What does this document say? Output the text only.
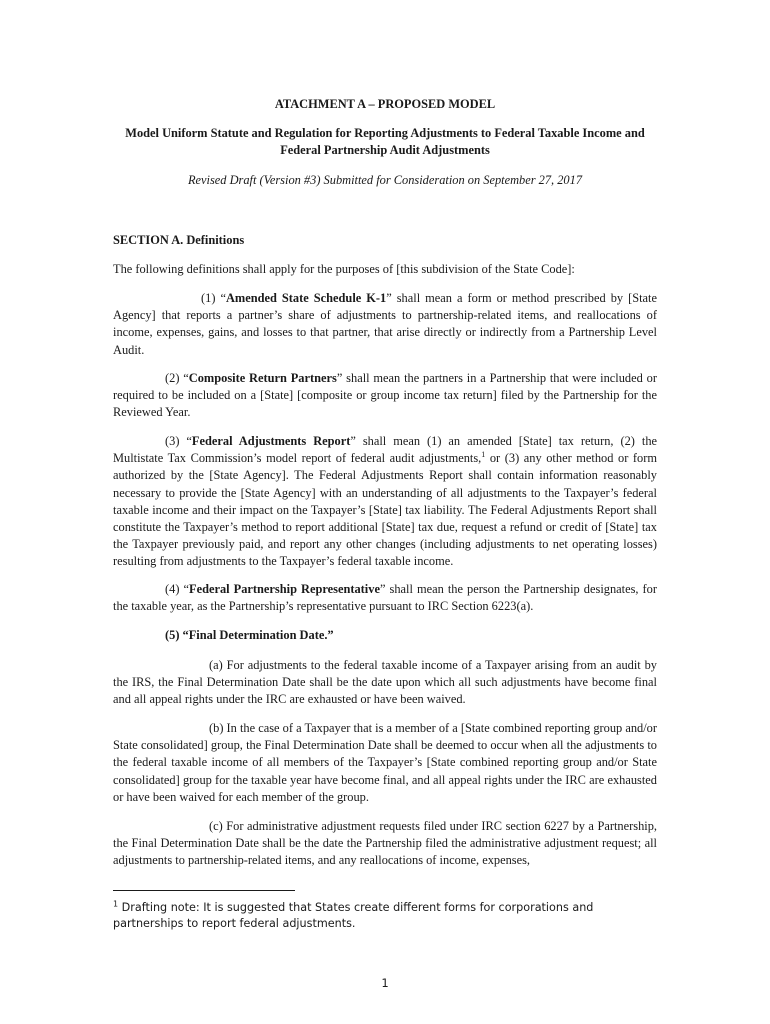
ATACHMENT A – PROPOSED MODEL
Model Uniform Statute and Regulation for Reporting Adjustments to Federal Taxable Income and Federal Partnership Audit Adjustments
Revised Draft (Version #3) Submitted for Consideration on September 27, 2017
SECTION A. Definitions
The following definitions shall apply for the purposes of [this subdivision of the State Code]:
(1) “Amended State Schedule K-1” shall mean a form or method prescribed by [State Agency] that reports a partner’s share of adjustments to partnership-related items, and reallocations of income, expenses, gains, and losses to that partner, that arise directly or indirectly from a Partnership Level Audit.
(2) “Composite Return Partners” shall mean the partners in a Partnership that were included or required to be included on a [State] [composite or group income tax return] filed by the Partnership for the Reviewed Year.
(3) “Federal Adjustments Report” shall mean (1) an amended [State] tax return, (2) the Multistate Tax Commission’s model report of federal audit adjustments,$^1$ or (3) any other method or form authorized by the [State Agency]. The Federal Adjustments Report shall contain information reasonably necessary to provide the [State Agency] with an understanding of all adjustments to the Taxpayer’s federal taxable income and their impact on the Taxpayer’s [State] tax liability. The Federal Adjustments Report shall constitute the Taxpayer’s method to report additional [State] tax due, request a refund or credit of [State] tax the Taxpayer previously paid, and report any other changes (including adjustments to net operating losses) resulting from adjustments to the Taxpayer’s federal taxable income.
(4) “Federal Partnership Representative” shall mean the person the Partnership designates, for the taxable year, as the Partnership’s representative pursuant to IRC Section 6223(a).
(5) “Final Determination Date.”
(a) For adjustments to the federal taxable income of a Taxpayer arising from an audit by the IRS, the Final Determination Date shall be the date upon which all such adjustments have become final and all appeal rights under the IRC are exhausted or have been waived.
(b) In the case of a Taxpayer that is a member of a [State combined reporting group and/or State consolidated] group, the Final Determination Date shall be deemed to occur when all the adjustments to the federal taxable income of all members of the Taxpayer’s [State combined reporting group and/or State consolidated] group for the taxable year have become final, and all appeal rights under the IRC are exhausted or have been waived for each member of the group.
(c) For administrative adjustment requests filed under IRC section 6227 by a Partnership, the Final Determination Date shall be the date the Partnership filed the administrative adjustment request; all adjustments to partnership-related items, and any reallocations of income, expenses,
$^1$ Drafting note: It is suggested that States create different forms for corporations and partnerships to report federal adjustments.
1
